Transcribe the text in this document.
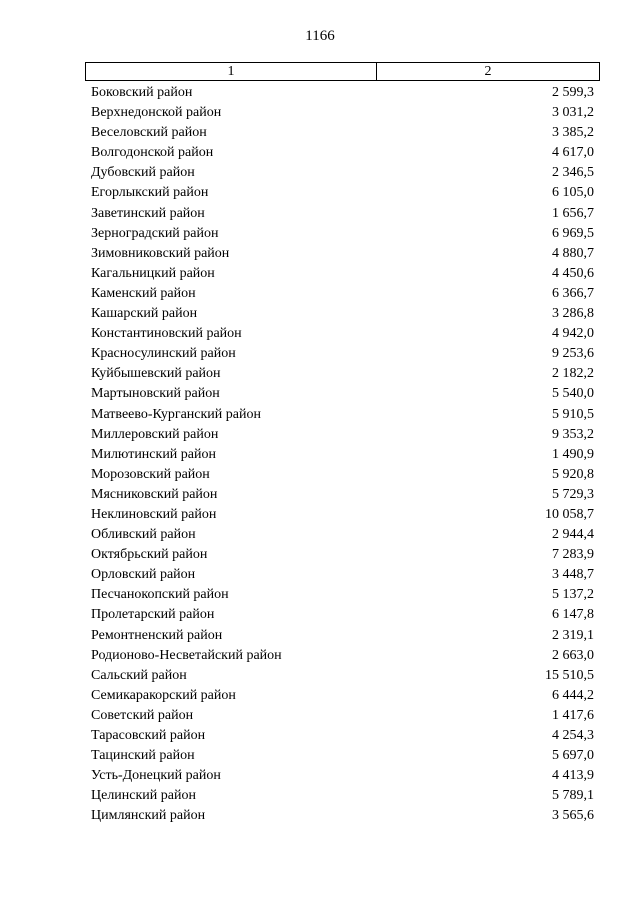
1166
1	2
Боковский район	2 599,3
Верхнедонской район	3 031,2
Веселовский район	3 385,2
Волгодонской район	4 617,0
Дубовский район	2 346,5
Егорлыкский район	6 105,0
Заветинский район	1 656,7
Зерноградский район	6 969,5
Зимовниковский район	4 880,7
Кагальницкий район	4 450,6
Каменский район	6 366,7
Кашарский район	3 286,8
Константиновский район	4 942,0
Красносулинский район	9 253,6
Куйбышевский район	2 182,2
Мартыновский район	5 540,0
Матвеево-Курганский район	5 910,5
Миллеровский район	9 353,2
Милютинский район	1 490,9
Морозовский район	5 920,8
Мясниковский район	5 729,3
Неклиновский район	10 058,7
Обливский район	2 944,4
Октябрьский район	7 283,9
Орловский район	3 448,7
Песчанокопский район	5 137,2
Пролетарский район	6 147,8
Ремонтненский район	2 319,1
Родионово-Несветайский район	2 663,0
Сальский район	15 510,5
Семикаракорский район	6 444,2
Советский район	1 417,6
Тарасовский район	4 254,3
Тацинский район	5 697,0
Усть-Донецкий район	4 413,9
Целинский район	5 789,1
Цимлянский район	3 565,6
